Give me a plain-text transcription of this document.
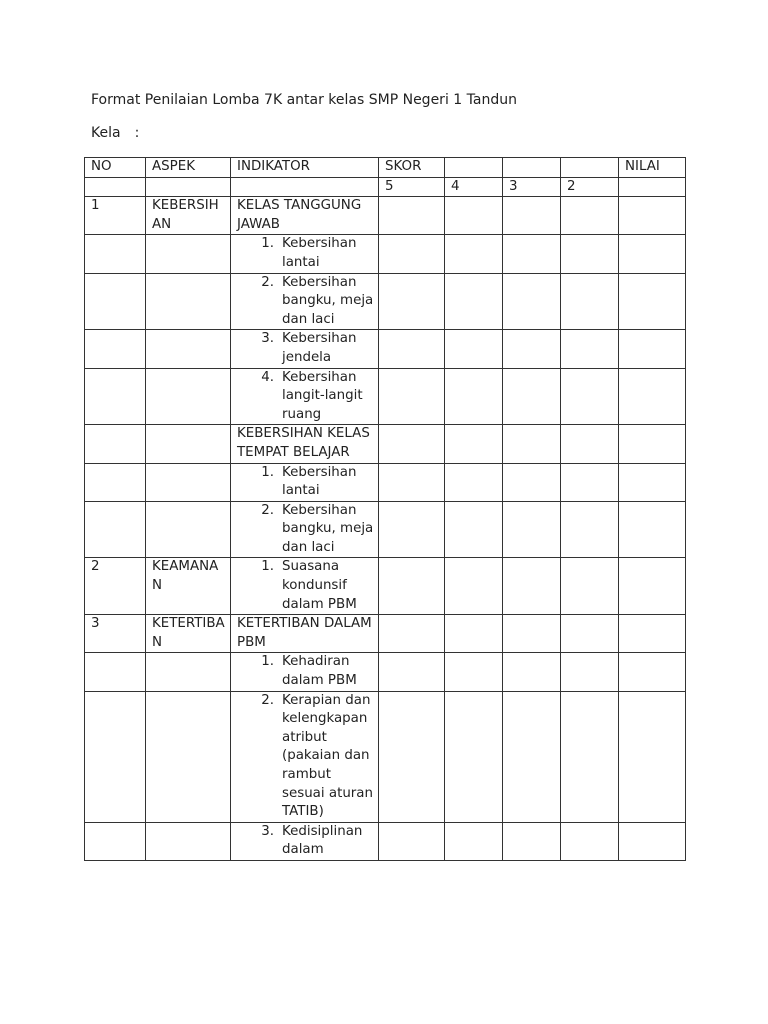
Format Penilaian Lomba 7K antar kelas SMP Negeri 1 Tandun
Kela :
NO	ASPEK	INDIKATOR	SKOR				NILAI
			5	4	3	2	
1	KEBERSIHAN	KELAS TANGGUNG JAWAB					

		1. Kebersihan lantai					

		2. Kebersihan bangku, meja dan laci					

		3. Kebersihan jendela					

		4. Kebersihan langit-langit ruang					

		KEBERSIHAN KELAS TEMPAT BELAJAR					

		1. Kebersihan lantai					

		2. Kebersihan bangku, meja dan laci					

2	KEAMANAN	1. Suasana kondunsif dalam PBM					

3	KETERTIBAN	KETERTIBAN DALAM PBM					

		1. Kehadiran dalam PBM					

		2. Kerapian dan kelengkapan atribut (pakaian dan rambut sesuai aturan TATIB)					

		3. Kedisiplinan dalam					
